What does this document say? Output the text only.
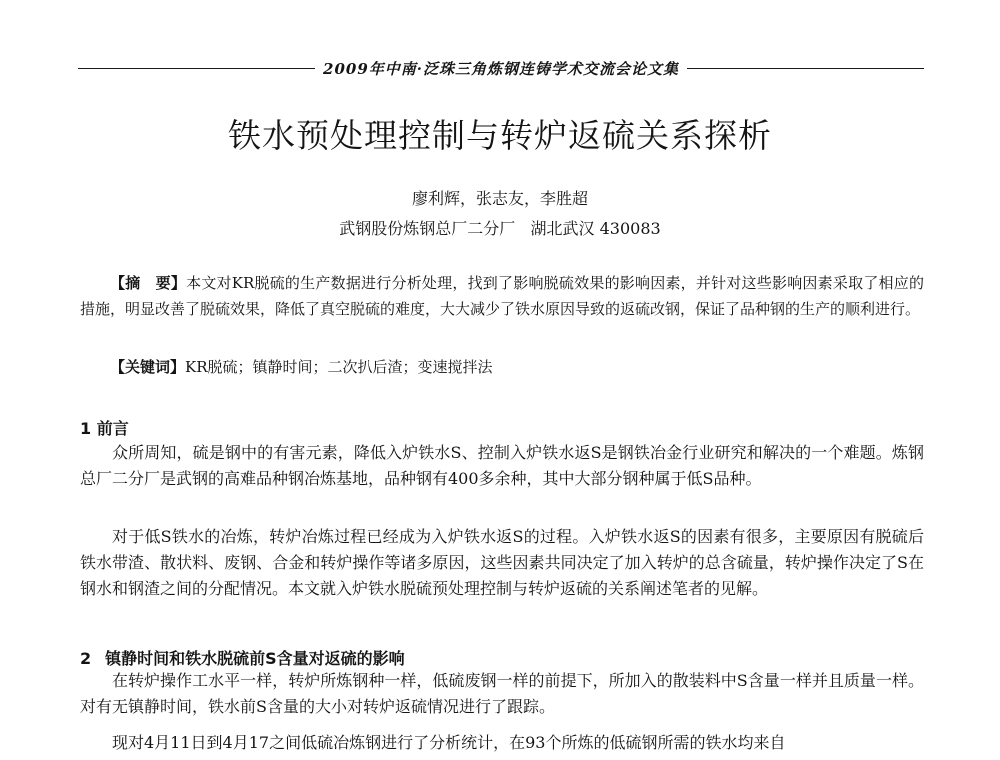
2009年中南·泛珠三角炼钢连铸学术交流会论文集
铁水预处理控制与转炉返硫关系探析
廖利辉，张志友，李胜超
武钢股份炼钢总厂二分厂   湖北武汉 430083
【摘　要】本文对KR脱硫的生产数据进行分析处理，找到了影响脱硫效果的影响因素，并针对这些影响因素采取了相应的措施，明显改善了脱硫效果，降低了真空脱硫的难度，大大减少了铁水原因导致的返硫改钢，保证了品种钢的生产的顺利进行。
【关键词】KR脱硫；镇静时间；二次扒后渣；变速搅拌法
1 前言
众所周知，硫是钢中的有害元素，降低入炉铁水S、控制入炉铁水返S是钢铁冶金行业研究和解决的一个难题。炼钢总厂二分厂是武钢的高难品种钢冶炼基地，品种钢有400多余种，其中大部分钢种属于低S品种。
对于低S铁水的冶炼，转炉冶炼过程已经成为入炉铁水返S的过程。入炉铁水返S的因素有很多，主要原因有脱硫后铁水带渣、散状料、废钢、合金和转炉操作等诸多原因，这些因素共同决定了加入转炉的总含硫量，转炉操作决定了S在钢水和钢渣之间的分配情况。本文就入炉铁水脱硫预处理控制与转炉返硫的关系阐述笔者的见解。
2 镇静时间和铁水脱硫前S含量对返硫的影响
在转炉操作工水平一样，转炉所炼钢种一样，低硫废钢一样的前提下，所加入的散装料中S含量一样并且质量一样。对有无镇静时间，铁水前S含量的大小对转炉返硫情况进行了跟踪。
现对4月11日到4月17之间低硫冶炼钢进行了分析统计，在93个所炼的低硫钢所需的铁水均来自
